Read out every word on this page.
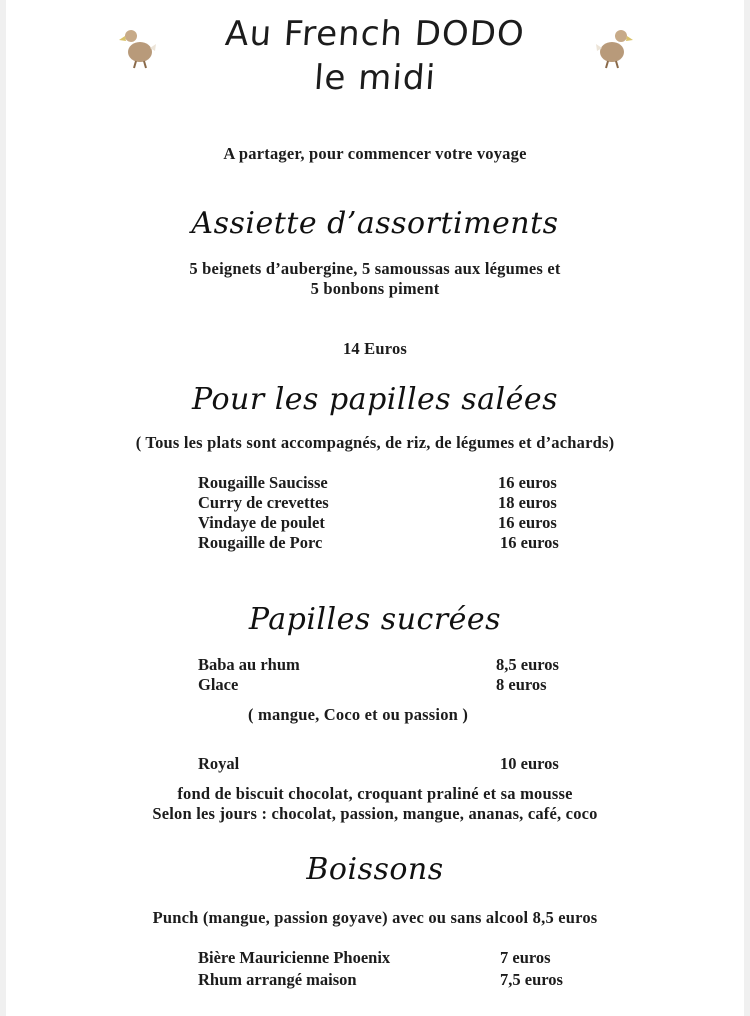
Au French DODO
le midi
A partager, pour commencer votre voyage
Assiette d’assortiments
5 beignets d’aubergine, 5 samoussas aux légumes et
5 bonbons piment
14 Euros
Pour les papilles salées
( Tous les plats sont accompagnés, de riz, de légumes et d’achards)
Rougaille Saucisse	16 euros
Curry de crevettes	18 euros
Vindaye de poulet	16 euros
Rougaille de Porc	16 euros
Papilles sucrées
Baba au rhum	8,5 euros
Glace	8 euros
( mangue, Coco et ou passion )
Royal	10 euros
fond de biscuit chocolat, croquant praliné et sa mousse
Selon les jours : chocolat, passion, mangue, ananas, café, coco
Boissons
Punch (mangue, passion goyave) avec ou sans alcool 8,5 euros
Bière Mauricienne Phoenix	7 euros
Rhum arrangé maison	7,5 euros
